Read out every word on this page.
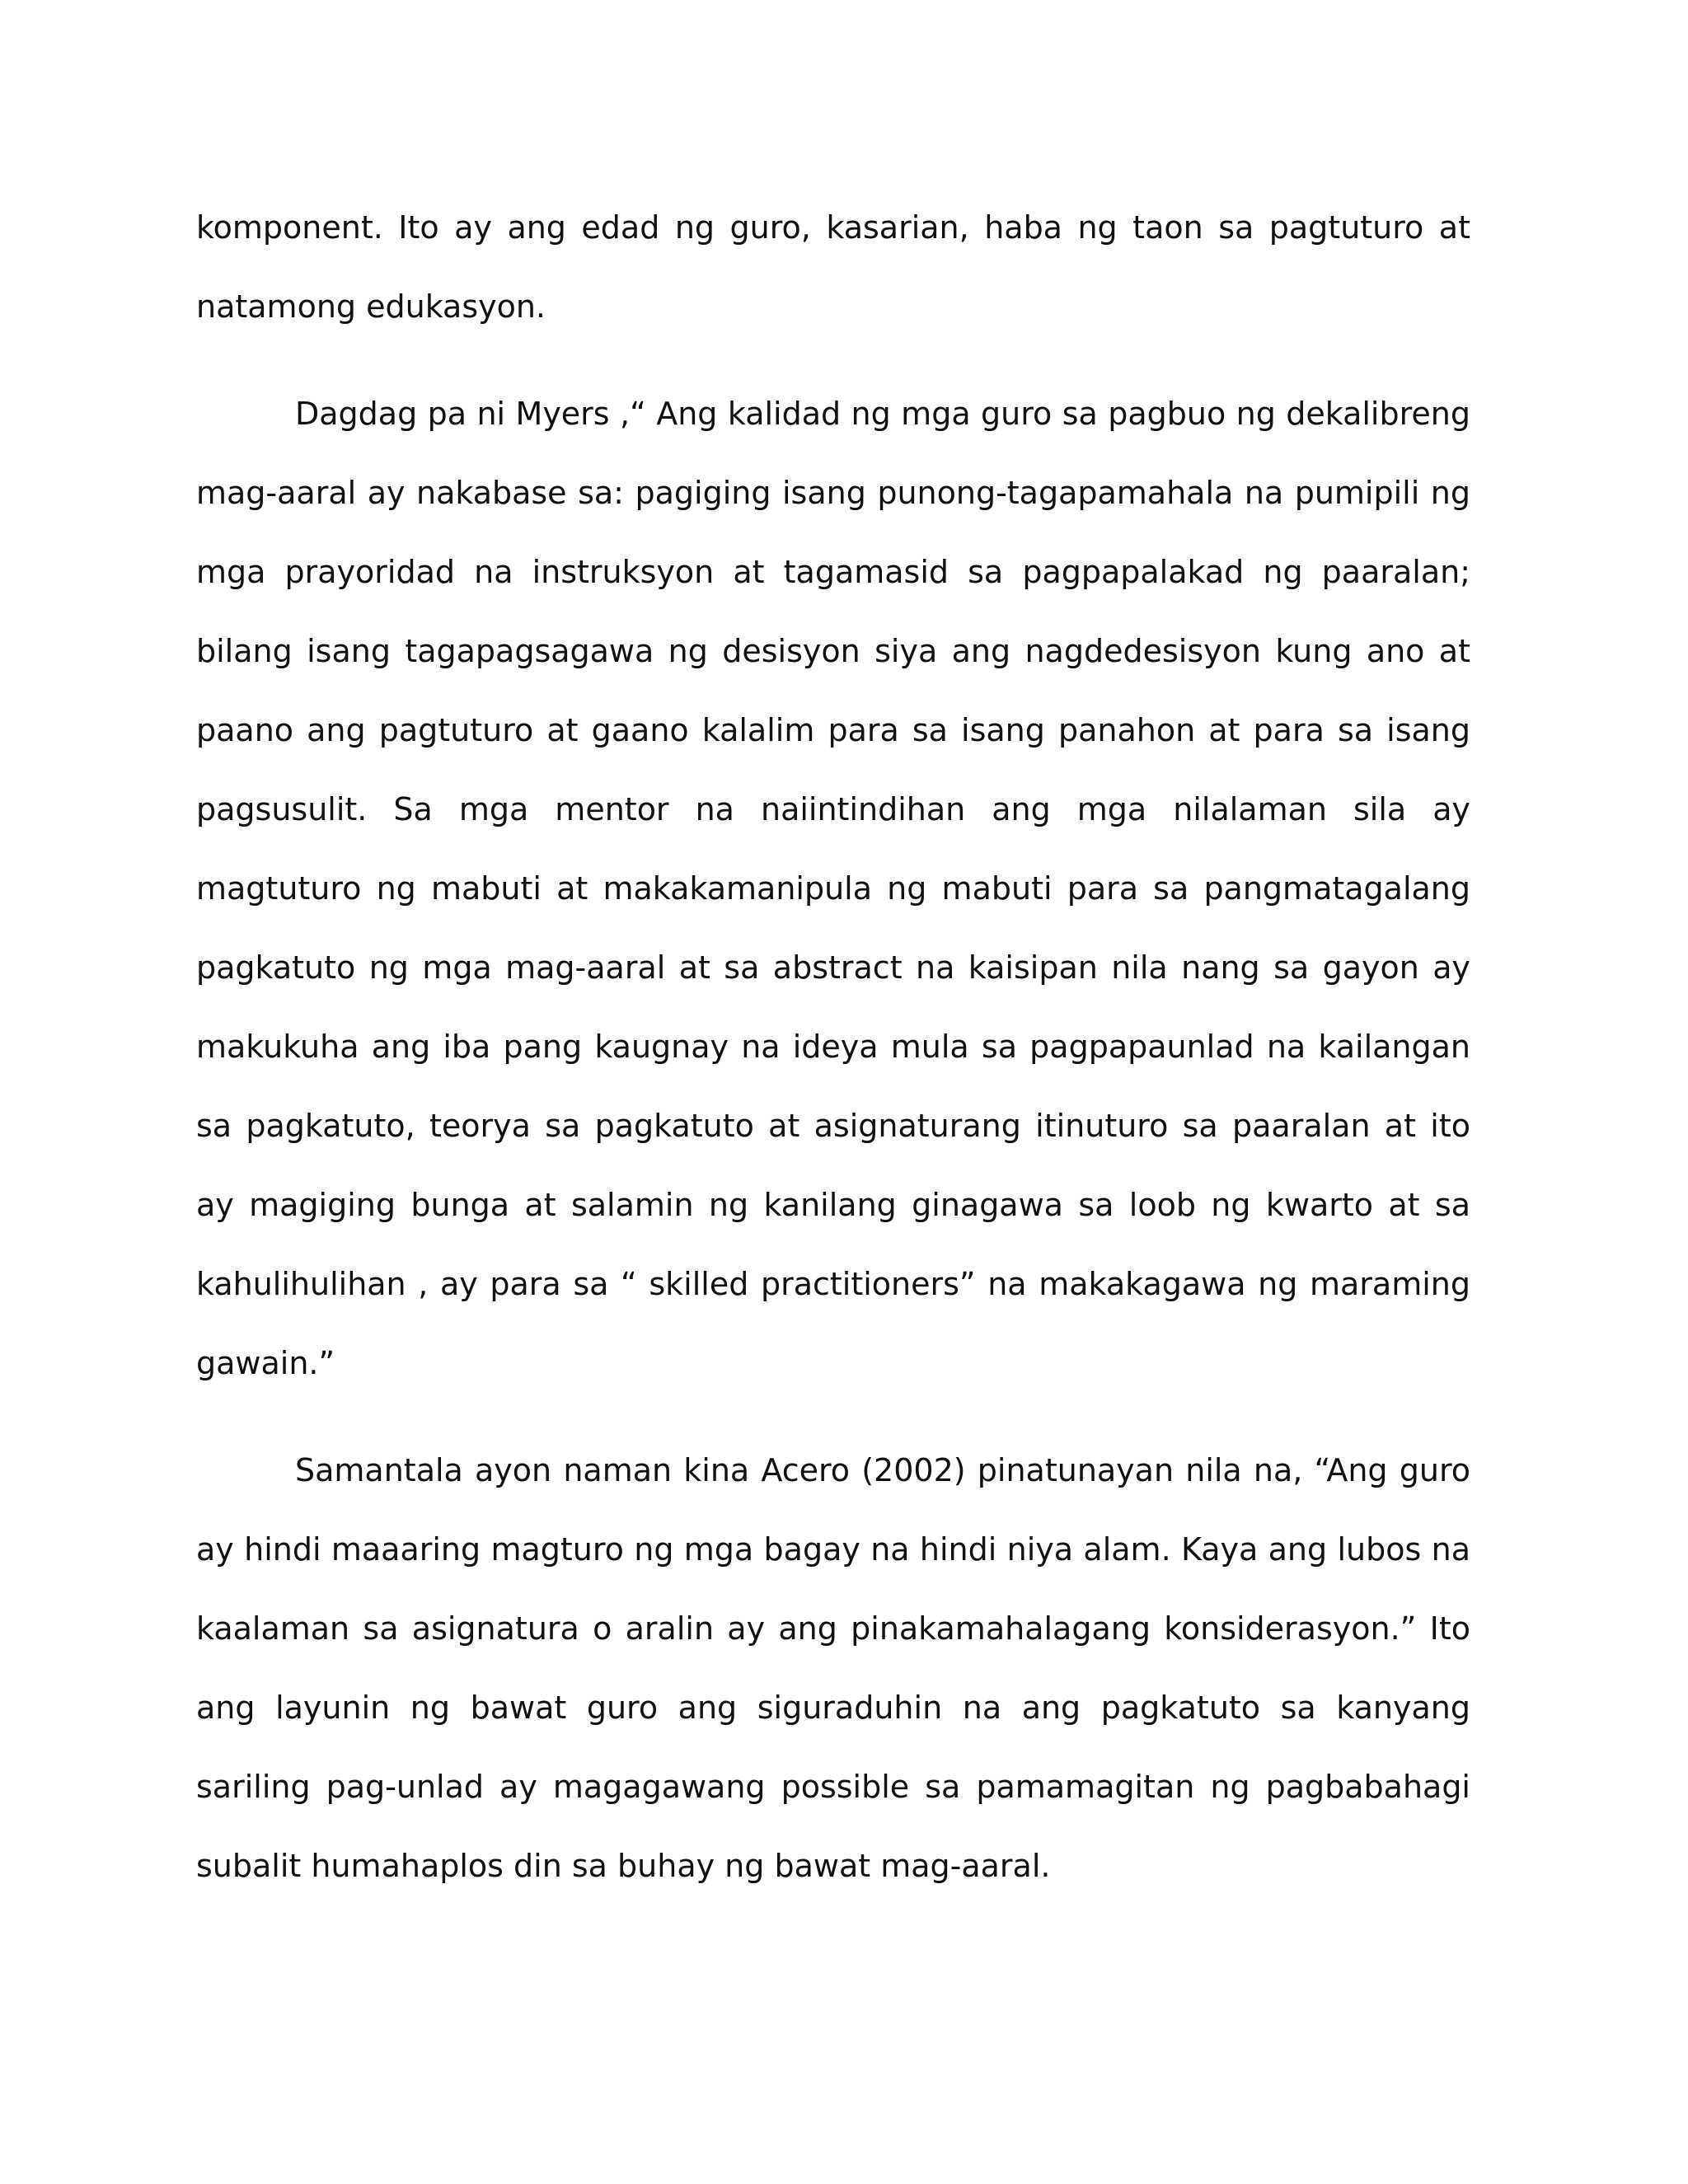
komponent. Ito ay ang edad ng guro, kasarian, haba ng taon sa pagtuturo at natamong edukasyon.

Dagdag pa ni Myers ,“ Ang kalidad ng mga guro sa pagbuo ng dekalibreng mag-aaral ay nakabase sa: pagiging isang punong-tagapamahala na pumipili ng mga prayoridad na instruksyon at tagamasid sa pagpapalakad ng paaralan; bilang isang tagapagsagawa ng desisyon siya ang nagdedesisyon kung ano at paano ang pagtuturo at gaano kalalim para sa isang panahon at para sa isang pagsusulit. Sa mga mentor na naiintindihan ang mga nilalaman sila ay magtuturo ng mabuti at makakamanipula ng mabuti para sa pangmatagalang pagkatuto ng mga mag-aaral at sa abstract na kaisipan nila nang sa gayon ay makukuha ang iba pang kaugnay na ideya mula sa pagpapaunlad na kailangan sa pagkatuto, teorya sa pagkatuto at asignaturang itinuturo sa paaralan at ito ay magiging bunga at salamin ng kanilang ginagawa sa loob ng kwarto at sa kahulihulihan , ay para sa “ skilled practitioners” na makakagawa ng maraming gawain.”

Samantala ayon naman kina Acero (2002) pinatunayan nila na, “Ang guro ay hindi maaaring magturo ng mga bagay na hindi niya alam. Kaya ang lubos na kaalaman sa asignatura o aralin ay ang pinakamahalagang konsiderasyon.” Ito ang layunin ng bawat guro ang siguraduhin na ang pagkatuto sa kanyang sariling pag-unlad ay magagawang possible sa pamamagitan ng pagbabahagi subalit humahaplos din sa buhay ng bawat mag-aaral.
